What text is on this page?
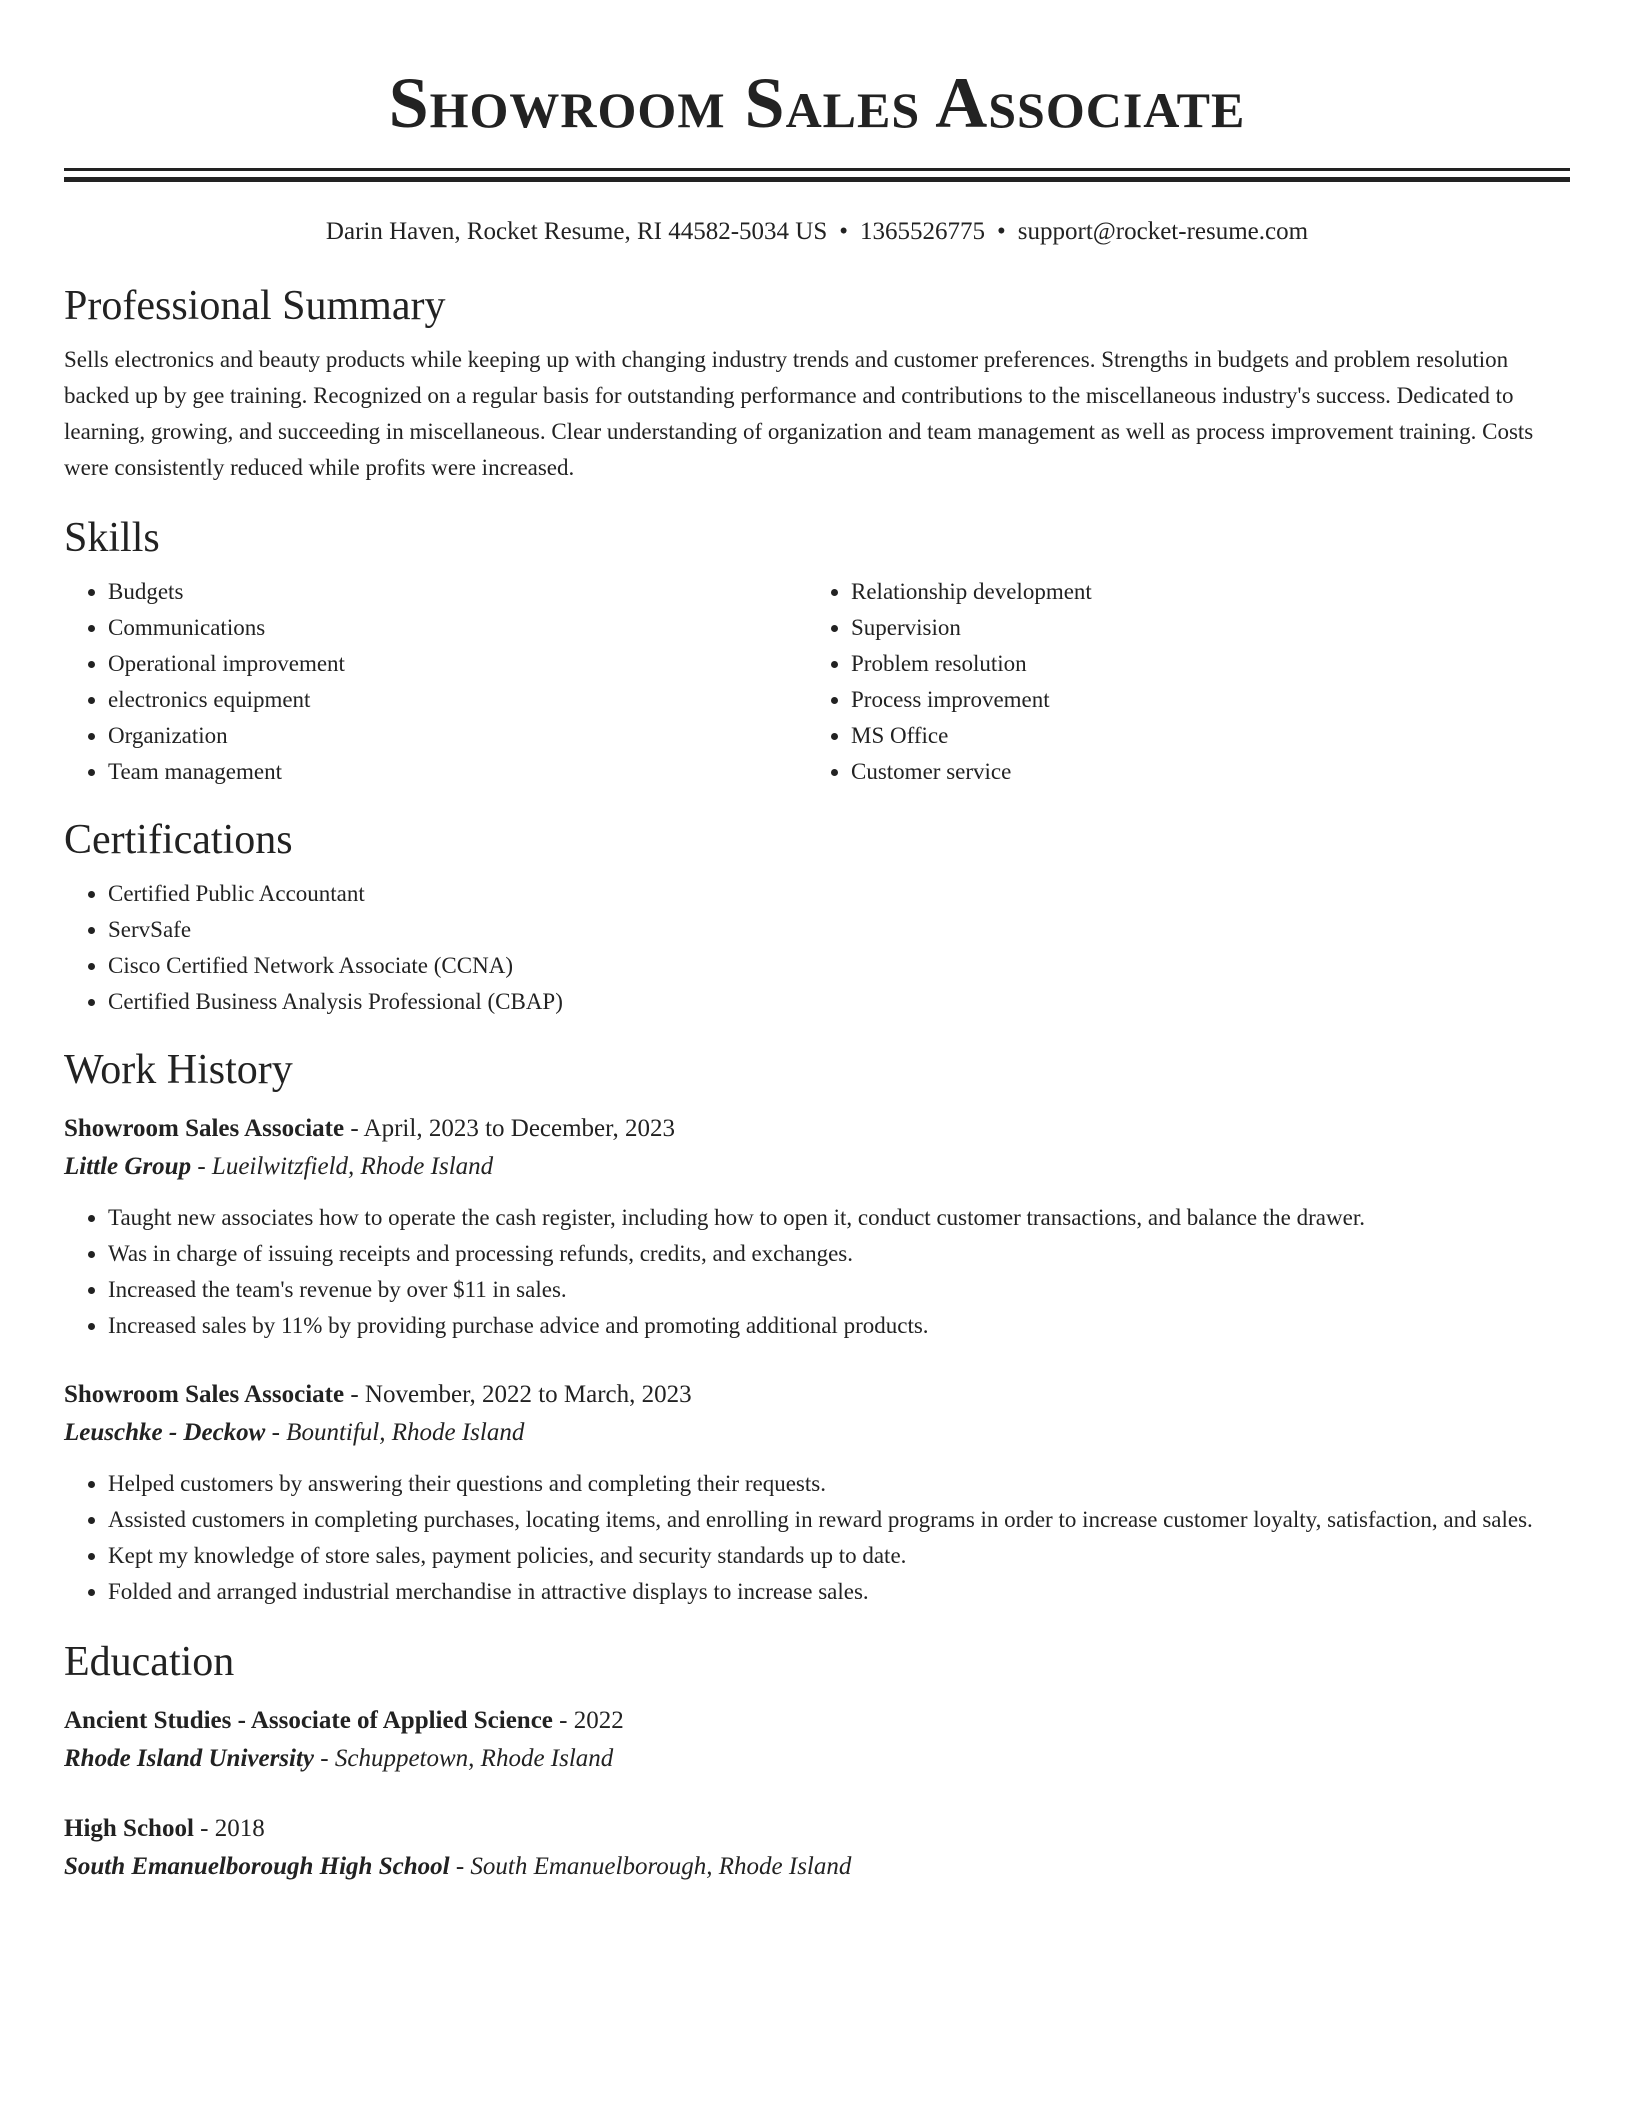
Showroom Sales Associate
Darin Haven, Rocket Resume, RI 44582-5034 US • 1365526775 • support@rocket-resume.com
Professional Summary

Sells electronics and beauty products while keeping up with changing industry trends and customer preferences. Strengths in budgets and problem resolution backed up by gee training. Recognized on a regular basis for outstanding performance and contributions to the miscellaneous industry's success. Dedicated to learning, growing, and succeeding in miscellaneous. Clear understanding of organization and team management as well as process improvement training. Costs were consistently reduced while profits were increased.

Skills
• Budgets
• Communications
• Operational improvement
• electronics equipment
• Organization
• Team management
• Relationship development
• Supervision
• Problem resolution
• Process improvement
• MS Office
• Customer service
Certifications
• Certified Public Accountant
• ServSafe
• Cisco Certified Network Associate (CCNA)
• Certified Business Analysis Professional (CBAP)
Work History
Showroom Sales Associate - April, 2023 to December, 2023
Little Group - Lueilwitzfield, Rhode Island
• Taught new associates how to operate the cash register, including how to open it, conduct customer transactions, and balance the drawer.
• Was in charge of issuing receipts and processing refunds, credits, and exchanges.
• Increased the team's revenue by over $11 in sales.
• Increased sales by 11% by providing purchase advice and promoting additional products.
Showroom Sales Associate - November, 2022 to March, 2023
Leuschke - Deckow - Bountiful, Rhode Island
• Helped customers by answering their questions and completing their requests.
• Assisted customers in completing purchases, locating items, and enrolling in reward programs in order to increase customer loyalty, satisfaction, and sales.
• Kept my knowledge of store sales, payment policies, and security standards up to date.
• Folded and arranged industrial merchandise in attractive displays to increase sales.
Education
Ancient Studies - Associate of Applied Science - 2022
Rhode Island University - Schuppetown, Rhode Island
High School - 2018
South Emanuelborough High School - South Emanuelborough, Rhode Island
